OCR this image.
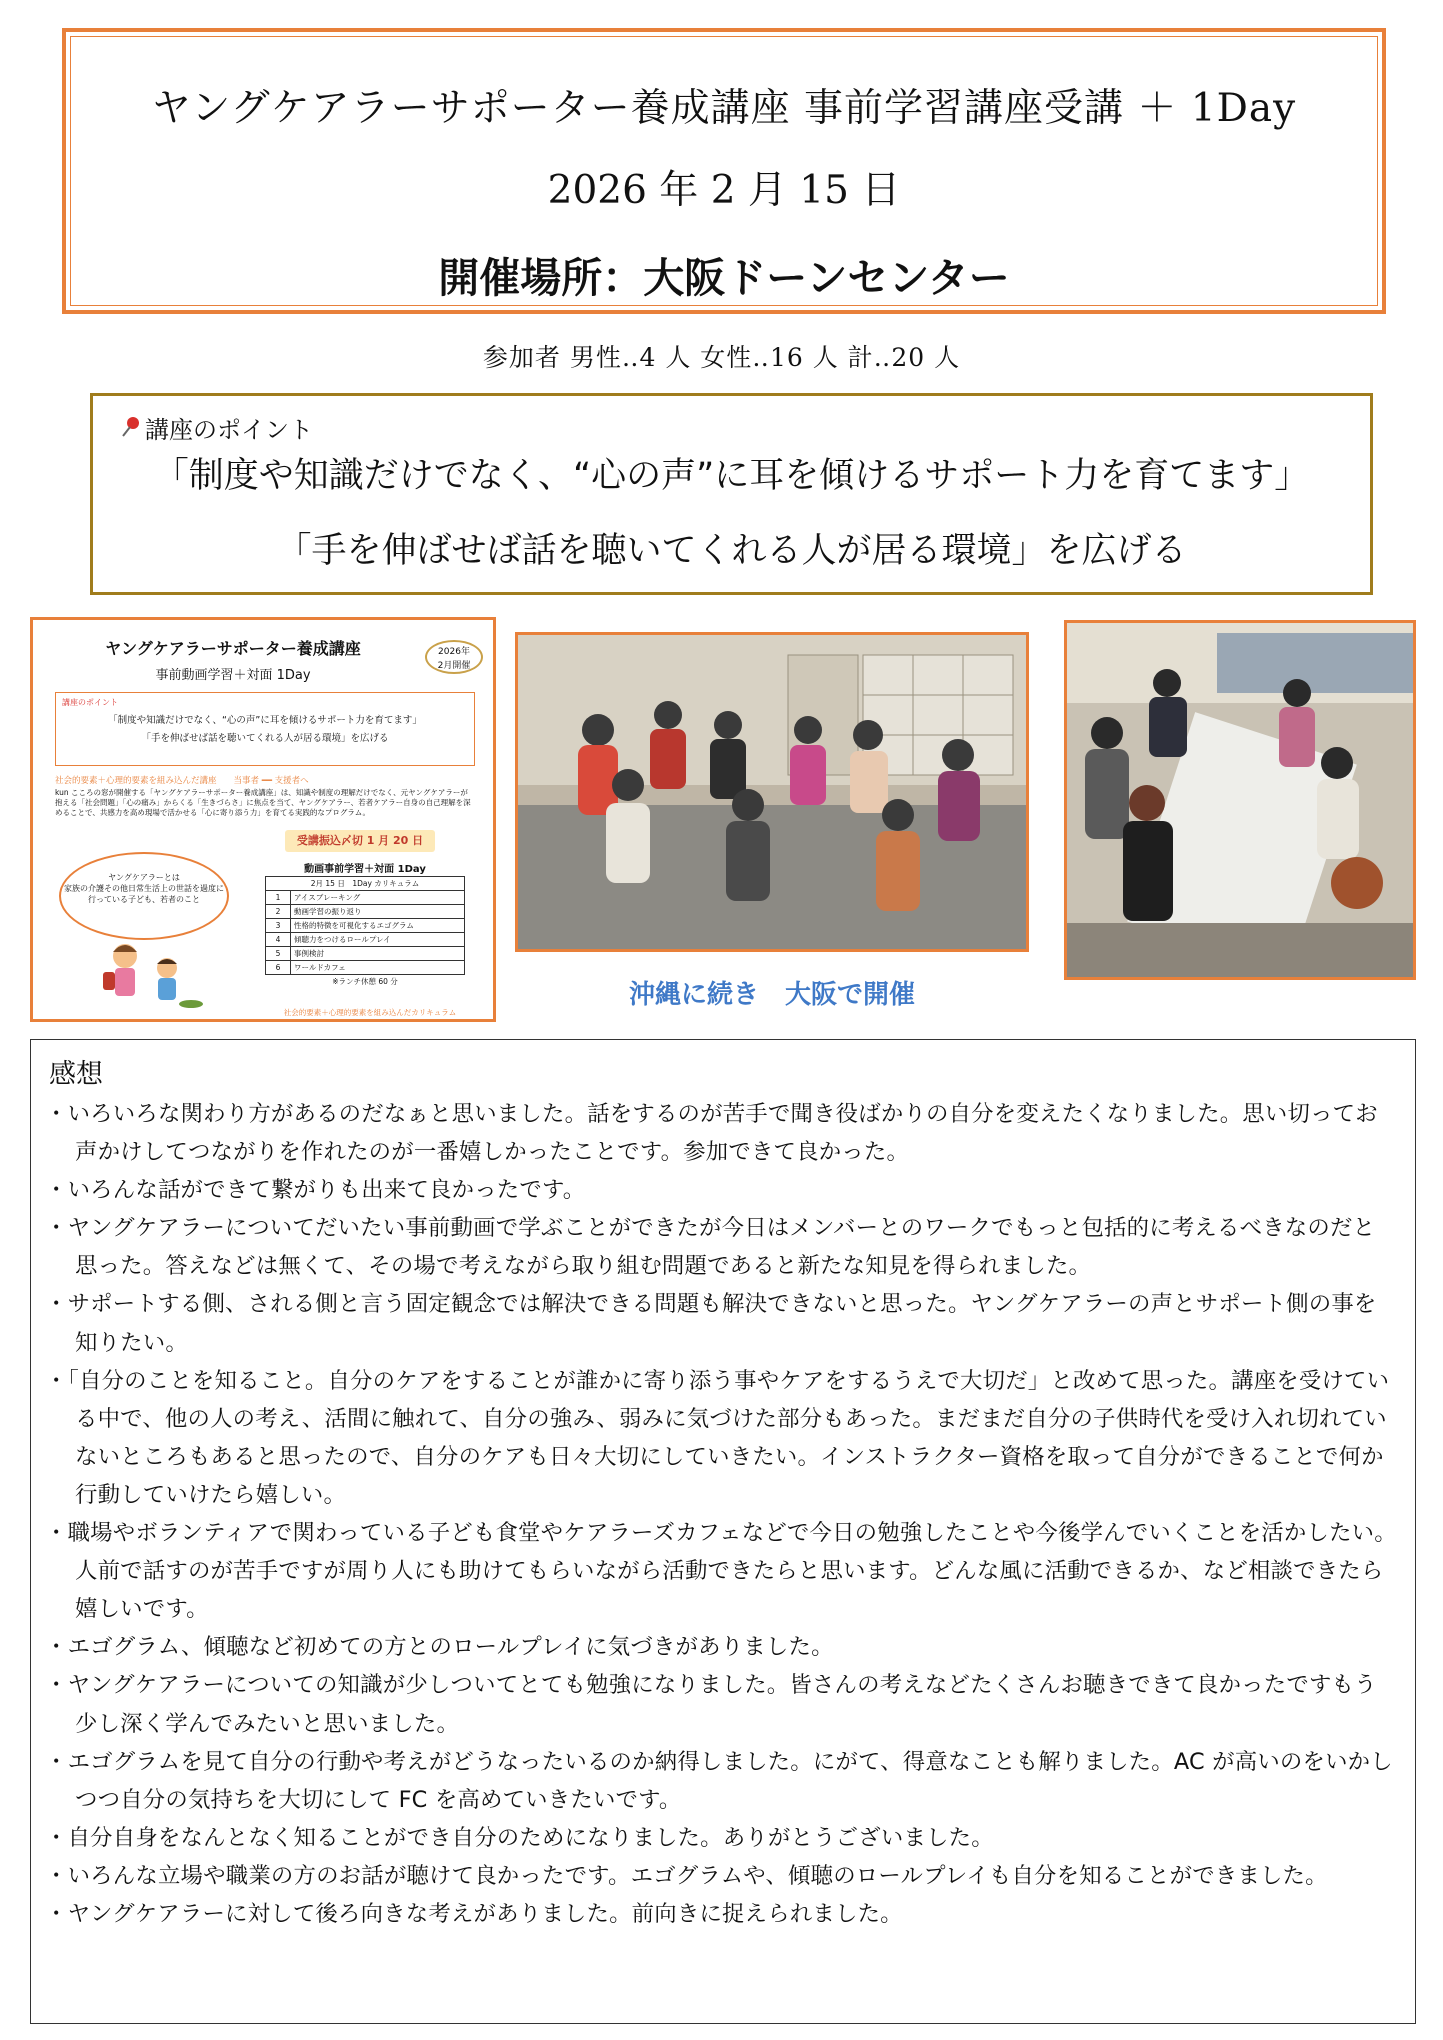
ヤングケアラーサポーター養成講座 事前学習講座受講 ＋ 1Day
2026 年 2 月 15 日
開催場所：大阪ドーンセンター
参加者 男性‥4 人 女性‥16 人 計‥20 人
講座のポイント
「制度や知識だけでなく、“心の声”に耳を傾けるサポート力を育てます」
「手を伸ばせば話を聴いてくれる人が居る環境」を広げる
ヤングケアラーサポーター養成講座
事前動画学習＋対面 1Day
2026年
2月開催
講座のポイント
「制度や知識だけでなく、“心の声”に耳を傾けるサポート力を育てます」
「手を伸ばせば話を聴いてくれる人が居る環境」を広げる
社会的要素＋心理的要素を組み込んだ講座　　当事者 ━━ 支援者へ
kun こころの窓が開催する「ヤングケアラーサポーター養成講座」は、知識や制度の理解だけでなく、元ヤングケアラーが抱える「社会問題」「心の痛み」からくる「生きづらさ」に焦点を当て、ヤングケアラー、若者ケアラー自身の自己理解を深めることで、共感力を高め現場で活かせる「心に寄り添う力」を育てる実践的なプログラム。
ヤングケアラーとは
家族の介護その他日常生活上の世話を過度に行っている子ども、若者のこと
受講振込〆切 1 月 20 日
動画事前学習＋対面 1Day
2月 15 日　1Day カリキュラム	
1	アイスブレーキング
2	動画学習の振り返り
3	性格的特徴を可視化するエゴグラム
4	傾聴力をつけるロールプレイ
5	事例検討
6	ワールドカフェ
※ランチ休憩 60 分	
社会的要素＋心理的要素を組み込んだカリキュラム
沖縄に続き　大阪で開催
感想
・いろいろな関わり方があるのだなぁと思いました。話をするのが苦手で聞き役ばかりの自分を変えたくなりました。思い切ってお声かけしてつながりを作れたのが一番嬉しかったことです。参加できて良かった。
・いろんな話ができて繋がりも出来て良かったです。
・ヤングケアラーについてだいたい事前動画で学ぶことができたが今日はメンバーとのワークでもっと包括的に考えるべきなのだと思った。答えなどは無くて、その場で考えながら取り組む問題であると新たな知見を得られました。
・サポートする側、される側と言う固定観念では解決できる問題も解決できないと思った。ヤングケアラーの声とサポート側の事を知りたい。
・「自分のことを知ること。自分のケアをすることが誰かに寄り添う事やケアをするうえで大切だ」と改めて思った。講座を受けている中で、他の人の考え、活間に触れて、自分の強み、弱みに気づけた部分もあった。まだまだ自分の子供時代を受け入れ切れていないところもあると思ったので、自分のケアも日々大切にしていきたい。インストラクター資格を取って自分ができることで何か行動していけたら嬉しい。
・職場やボランティアで関わっている子ども食堂やケアラーズカフェなどで今日の勉強したことや今後学んでいくことを活かしたい。人前で話すのが苦手ですが周り人にも助けてもらいながら活動できたらと思います。どんな風に活動できるか、など相談できたら嬉しいです。
・エゴグラム、傾聴など初めての方とのロールプレイに気づきがありました。
・ヤングケアラーについての知識が少しついてとても勉強になりました。皆さんの考えなどたくさんお聴きできて良かったですもう少し深く学んでみたいと思いました。
・エゴグラムを見て自分の行動や考えがどうなったいるのか納得しました。にがて、得意なことも解りました。AC が高いのをいかしつつ自分の気持ちを大切にして FC を高めていきたいです。
・自分自身をなんとなく知ることができ自分のためになりました。ありがとうございました。
・いろんな立場や職業の方のお話が聴けて良かったです。エゴグラムや、傾聴のロールプレイも自分を知ることができました。
・ヤングケアラーに対して後ろ向きな考えがありました。前向きに捉えられました。
